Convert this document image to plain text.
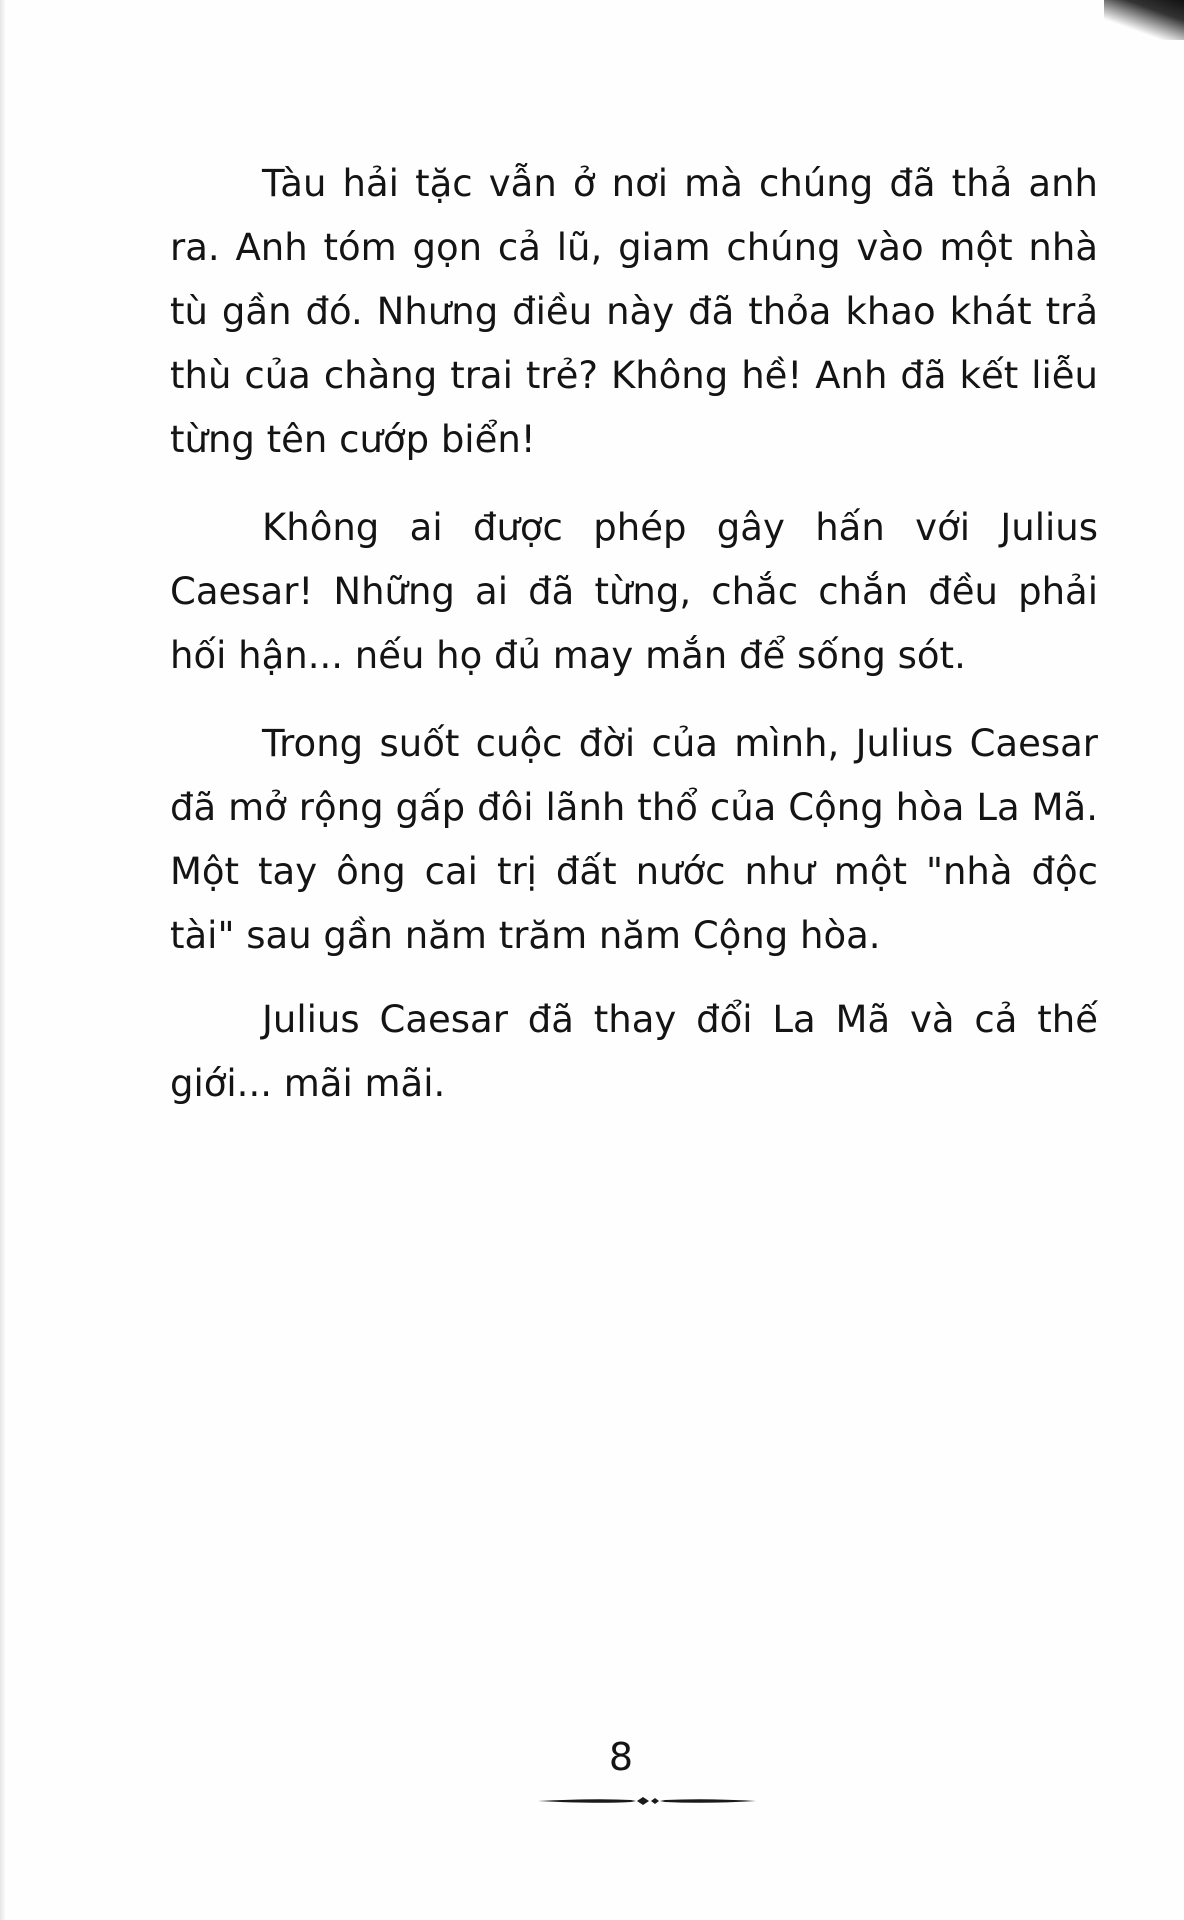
Tàu hải tặc vẫn ở nơi mà chúng đã thả anh ra. Anh tóm gọn cả lũ, giam chúng vào một nhà tù gần đó. Nhưng điều này đã thỏa khao khát trả thù của chàng trai trẻ? Không hề! Anh đã kết liễu từng tên cướp biển!

Không ai được phép gây hấn với Julius Caesar! Những ai đã từng, chắc chắn đều phải hối hận... nếu họ đủ may mắn để sống sót.

Trong suốt cuộc đời của mình, Julius Caesar đã mở rộng gấp đôi lãnh thổ của Cộng hòa La Mã. Một tay ông cai trị đất nước như một "nhà độc tài" sau gần năm trăm năm Cộng hòa.

Julius Caesar đã thay đổi La Mã và cả thế giới... mãi mãi.

8
